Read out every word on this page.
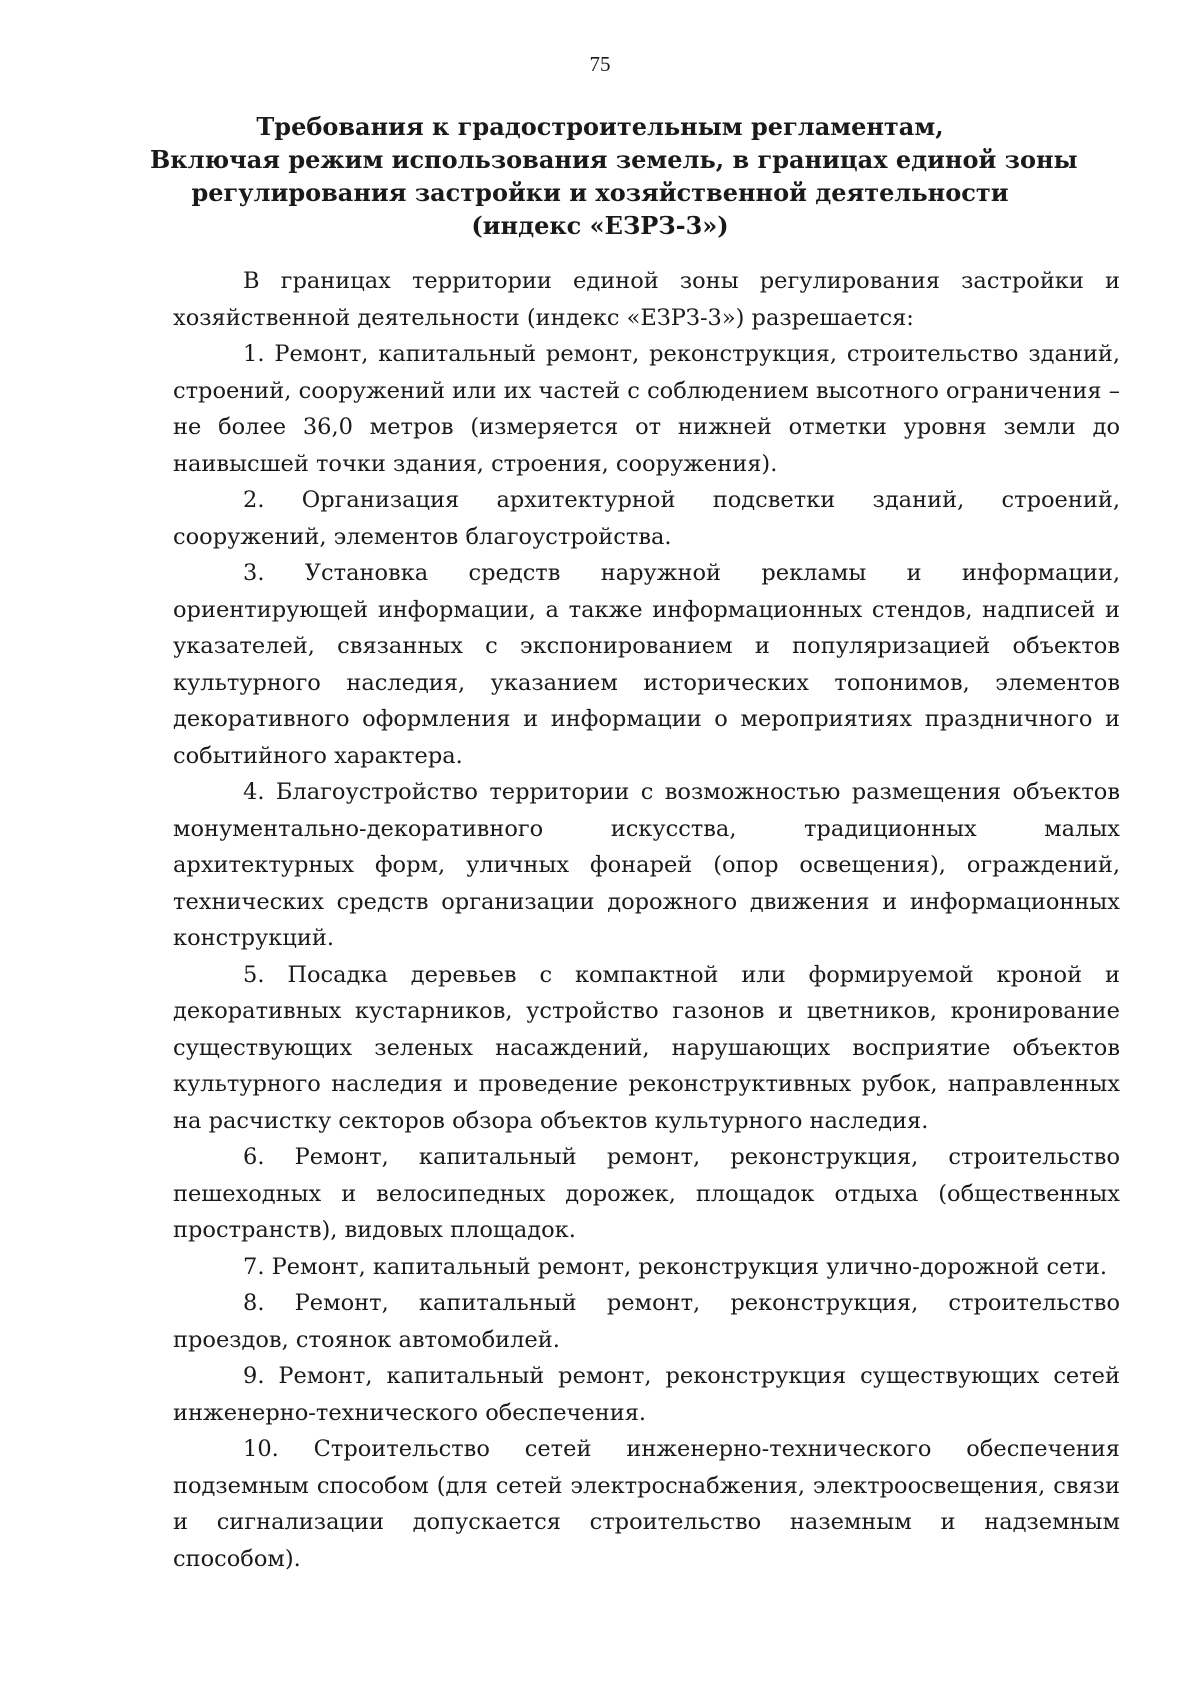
75
Требования к градостроительным регламентам,
Включая режим использования земель, в границах единой зоны
регулирования застройки и хозяйственной деятельности
(индекс «ЕЗРЗ-3»)

В границах территории единой зоны регулирования застройки и хозяйственной деятельности (индекс «ЕЗРЗ-3») разрешается:

1. Ремонт, капитальный ремонт, реконструкция, строительство зданий, строений, сооружений или их частей с соблюдением высотного ограничения – не более 36,0 метров (измеряется от нижней отметки уровня земли до наивысшей точки здания, строения, сооружения).

2. Организация архитектурной подсветки зданий, строений, сооружений, элементов благоустройства.

3. Установка средств наружной рекламы и информации, ориентирующей информации, а также информационных стендов, надписей и указателей, связанных с экспонированием и популяризацией объектов культурного наследия, указанием исторических топонимов, элементов декоративного оформления и информации о мероприятиях праздничного и событийного характера.

4. Благоустройство территории с возможностью размещения объектов монументально-декоративного искусства, традиционных малых архитектурных форм, уличных фонарей (опор освещения), ограждений, технических средств организации дорожного движения и информационных конструкций.

5. Посадка деревьев с компактной или формируемой кроной и декоративных кустарников, устройство газонов и цветников, кронирование существующих зеленых насаждений, нарушающих восприятие объектов культурного наследия и проведение реконструктивных рубок, направленных на расчистку секторов обзора объектов культурного наследия.

6. Ремонт, капитальный ремонт, реконструкция, строительство пешеходных и велосипедных дорожек, площадок отдыха (общественных пространств), видовых площадок.

7. Ремонт, капитальный ремонт, реконструкция улично-дорожной сети.

8. Ремонт, капитальный ремонт, реконструкция, строительство проездов, стоянок автомобилей.

9. Ремонт, капитальный ремонт, реконструкция существующих сетей инженерно-технического обеспечения.

10. Строительство сетей инженерно-технического обеспечения подземным способом (для сетей электроснабжения, электроосвещения, связи и сигнализации допускается строительство наземным и надземным способом).
